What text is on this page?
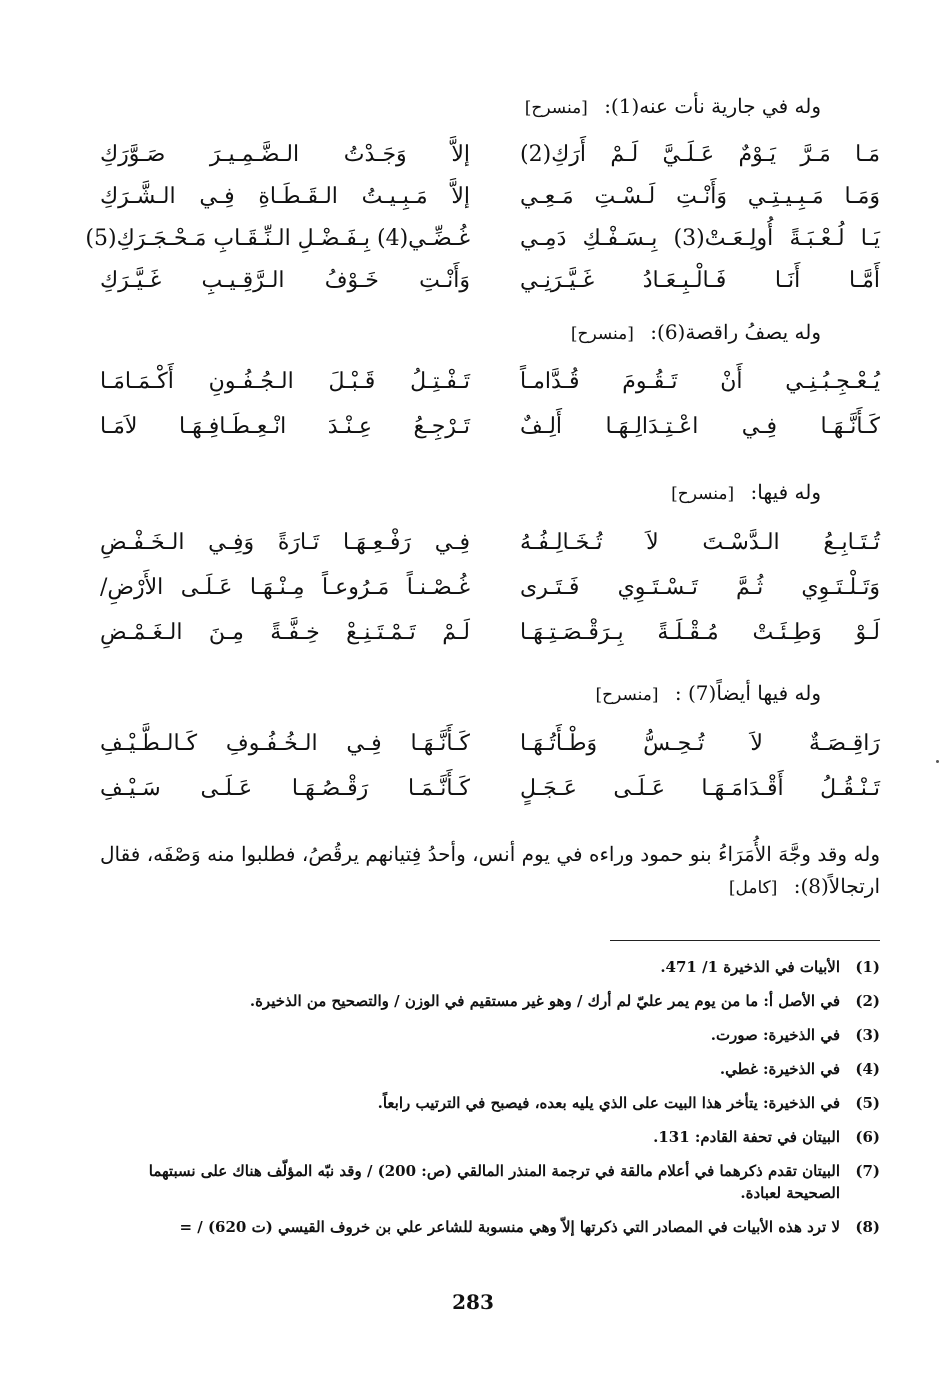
وله في جارية نأت عنه(1): [منسرح]
مَـا مَـرَّ يَـوْمٌ عَـلَـيَّ لَـمْ أَرَكِ(2)
إلاَّ وَجَـدْتُ الـضَّـمِـيـرَ صَـوَّرَكِ
وَمَـا مَـبِـيـتِـي وَأَنْـتِ لَـسْـتِ مَـعِـي
إلاَّ مَـبِـيـتُ الـقَـطَـاةِ فِـي الـشَّـرَكِ
يَـا لُـعْـبَـةً أُولِـعَـتْ(3) بِـسَـفْـكِ دَمِـي
غُـضِّـي(4) بِـفَـضْـلِ الـنِّـقَـابِ مَـحْـجَـرَكِ(5)
أَمَّـا أَنَـا فَـالْـبِـعَـادُ غَـيَّـرَنِـي
وَأَنْـتِ خَـوْفُ الـرَّقِـيـبِ غَـيَّـرَكِ
وله يصفُ راقصة(6): [منسرح]
يُـعْـجِـبُـنِـي أَنْ تَـقُـومَ قُـدَّامـاً
تَـفْـتِـلُ قَـبْـلَ الـجُـفُـونِ أَكْـمَـامَـا
كَـأَنَّـهَـا فِـي اعْـتِـدَالِـهَـا أَلِـفٌ
تَـرْجِـعُ عِـنْـدَ انْـعِـطَـافِـهَـا لاَمَـا
وله فيها: [منسرح]
تُـتَـابِـعُ الـدَّسْـتَ لاَ تُـخَـالِـفُـهُ
فِـي رَفْـعِـهَـا تَـارَةً وَفِـي الـخَـفْـضِ
وَتَـلْـتَـوِي ثُـمَّ تَـسْـتَـوِي فَـتَـرى
غُـصْـنـاً مَـرُوعـاً مِـنْـهَـا عَـلَـى الأَرْضِ/
لَـوْ وَطِـئَـتْ مُـقْـلَـةً بِـرَقْـصَـتِـهَـا
لَـمْ تَـمْـتَـنِـعْ خِـفَّـةً مِـنَ الـغَـمْـضِ
وله فيها أيضاً(7) : [منسرح]
رَاقِـصَـةٌ لاَ تُـحِـسُّ وَطْـأَتُـهَـا
كَـأَنَّـهَـا فِـي الـخُـفُـوفِ كَـالـطَّـيْـفِ
تَـنْـقُـلُ أَقْـدَامَـهَـا عَـلَـى عَـجَـلٍ
كَـأَنَّـمَـا رَقْـصُـهَـا عَـلَـى سَـيْـفِ
وله وقد وجَّهَ الأُمَرَاءُ بنو حمود وراءه في يوم أنس، وأحدُ فِتيانهم يرقُصُ، فطلبوا منه وَصْفَه، فقال ارتجالاً(8): [كامل]
(1)
الأبيات في الذخيرة 1/ 471.
(2)
في الأصل أ: ما من يوم يمر عليّ لم أرك / وهو غير مستقيم في الوزن / والتصحيح من الذخيرة.
(3)
في الذخيرة: صورت.
(4)
في الذخيرة: غطي.
(5)
في الذخيرة: يتأخر هذا البيت على الذي يليه بعده، فيصبح في الترتيب رابعاً.
(6)
البيتان في تحفة القادم: 131.
(7)
البيتان تقدم ذكرهما في أعلام مالقة في ترجمة المنذر المالقي (ص: 200) / وقد نبّه المؤلّف هناك على نسبتهما الصحيحة لعبادة.
(8)
لا ترد هذه الأبيات في المصادر التي ذكرتها إلاّ وهي منسوبة للشاعر علي بن خروف القيسي (ت 620) / =
283
